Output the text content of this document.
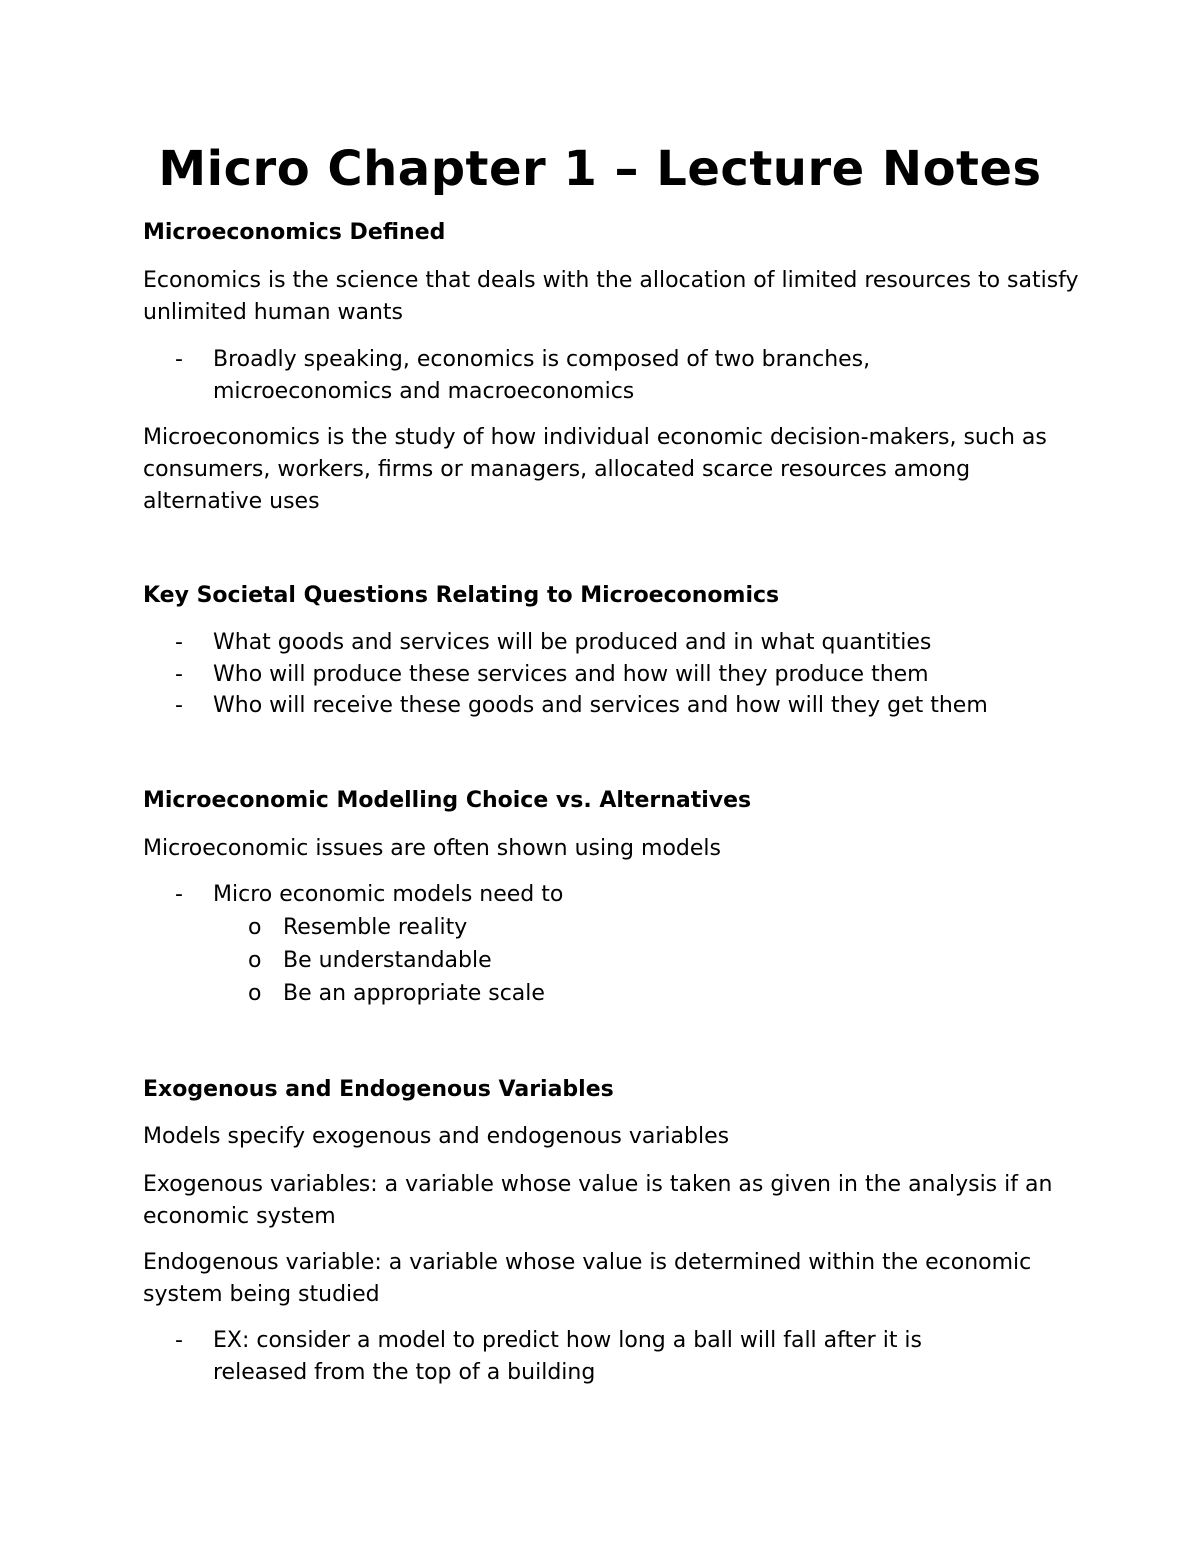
Micro Chapter 1 – Lecture Notes
Microeconomics Defined
Economics is the science that deals with the allocation of limited resources to satisfy unlimited human wants
- Broadly speaking, economics is composed of two branches,
microeconomics and macroeconomics
Microeconomics is the study of how individual economic decision-makers, such as consumers, workers, firms or managers, allocated scarce resources among alternative uses
Key Societal Questions Relating to Microeconomics
- What goods and services will be produced and in what quantities
- Who will produce these services and how will they produce them
- Who will receive these goods and services and how will they get them
Microeconomic Modelling Choice vs. Alternatives
Microeconomic issues are often shown using models
- Micro economic models need to
o Resemble reality
o Be understandable
o Be an appropriate scale
Exogenous and Endogenous Variables
Models specify exogenous and endogenous variables
Exogenous variables: a variable whose value is taken as given in the analysis if an economic system
Endogenous variable: a variable whose value is determined within the economic system being studied
- EX: consider a model to predict how long a ball will fall after it is
released from the top of a building
